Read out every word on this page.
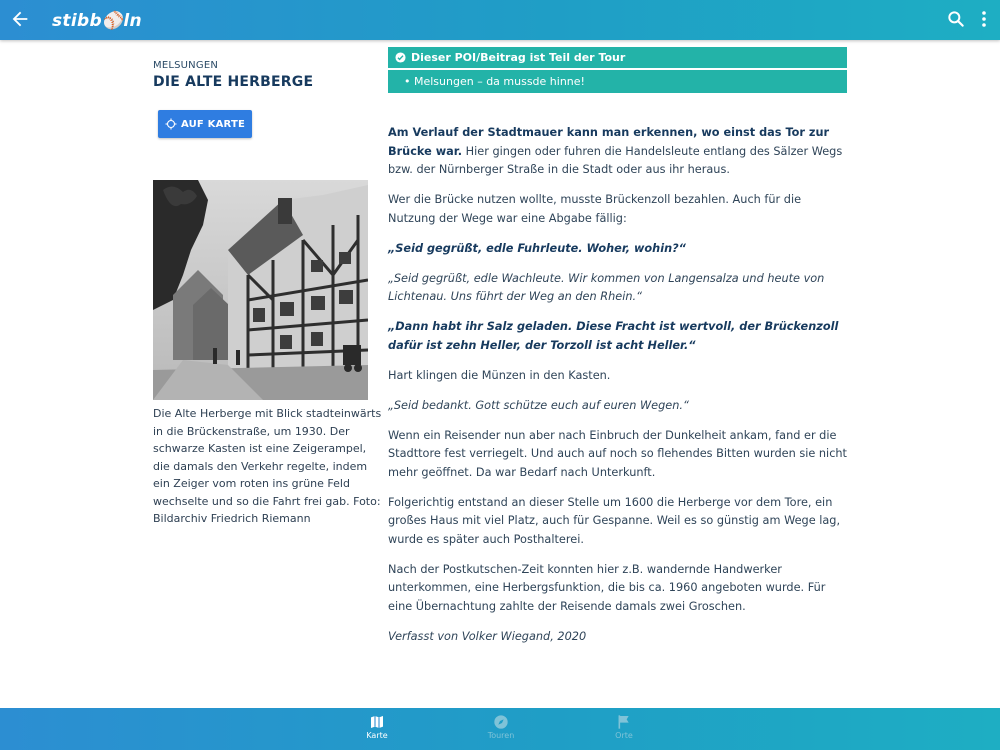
stibb⚾ln
MELSUNGEN
DIE ALTE HERBERGE
AUF KARTE
Die Alte Herberge mit Blick stadteinwärts in die Brückenstraße, um 1930. Der schwarze Kasten ist eine Zeigerampel, die damals den Verkehr regelte, indem ein Zeiger vom roten ins grüne Feld wechselte und so die Fahrt frei gab. Foto: Bildarchiv Friedrich Riemann
Dieser POI/Beitrag ist Teil der Tour
• Melsungen – da mussde hinne!

Am Verlauf der Stadtmauer kann man erkennen, wo einst das Tor zur Brücke war. Hier gingen oder fuhren die Handelsleute entlang des Sälzer Wegs bzw. der Nürnberger Straße in die Stadt oder aus ihr heraus.

Wer die Brücke nutzen wollte, musste Brückenzoll bezahlen. Auch für die Nutzung der Wege war eine Abgabe fällig:

„Seid gegrüßt, edle Fuhrleute. Woher, wohin?“

„Seid gegrüßt, edle Wachleute. Wir kommen von Langensalza und heute von Lichtenau. Uns führt der Weg an den Rhein.“

„Dann habt ihr Salz geladen. Diese Fracht ist wertvoll, der Brückenzoll dafür ist zehn Heller, der Torzoll ist acht Heller.“

Hart klingen die Münzen in den Kasten.

„Seid bedankt. Gott schütze euch auf euren Wegen.“

Wenn ein Reisender nun aber nach Einbruch der Dunkelheit ankam, fand er die Stadttore fest verriegelt. Und auch auf noch so flehendes Bitten wurden sie nicht mehr geöffnet. Da war Bedarf nach Unterkunft.

Folgerichtig entstand an dieser Stelle um 1600 die Herberge vor dem Tore, ein großes Haus mit viel Platz, auch für Gespanne. Weil es so günstig am Wege lag, wurde es später auch Posthalterei.

Nach der Postkutschen-Zeit konnten hier z.B. wandernde Handwerker unterkommen, eine Herbergsfunktion, die bis ca. 1960 angeboten wurde. Für eine Übernachtung zahlte der Reisende damals zwei Groschen.

Verfasst von Volker Wiegand, 2020

Karte	Touren	Orte
